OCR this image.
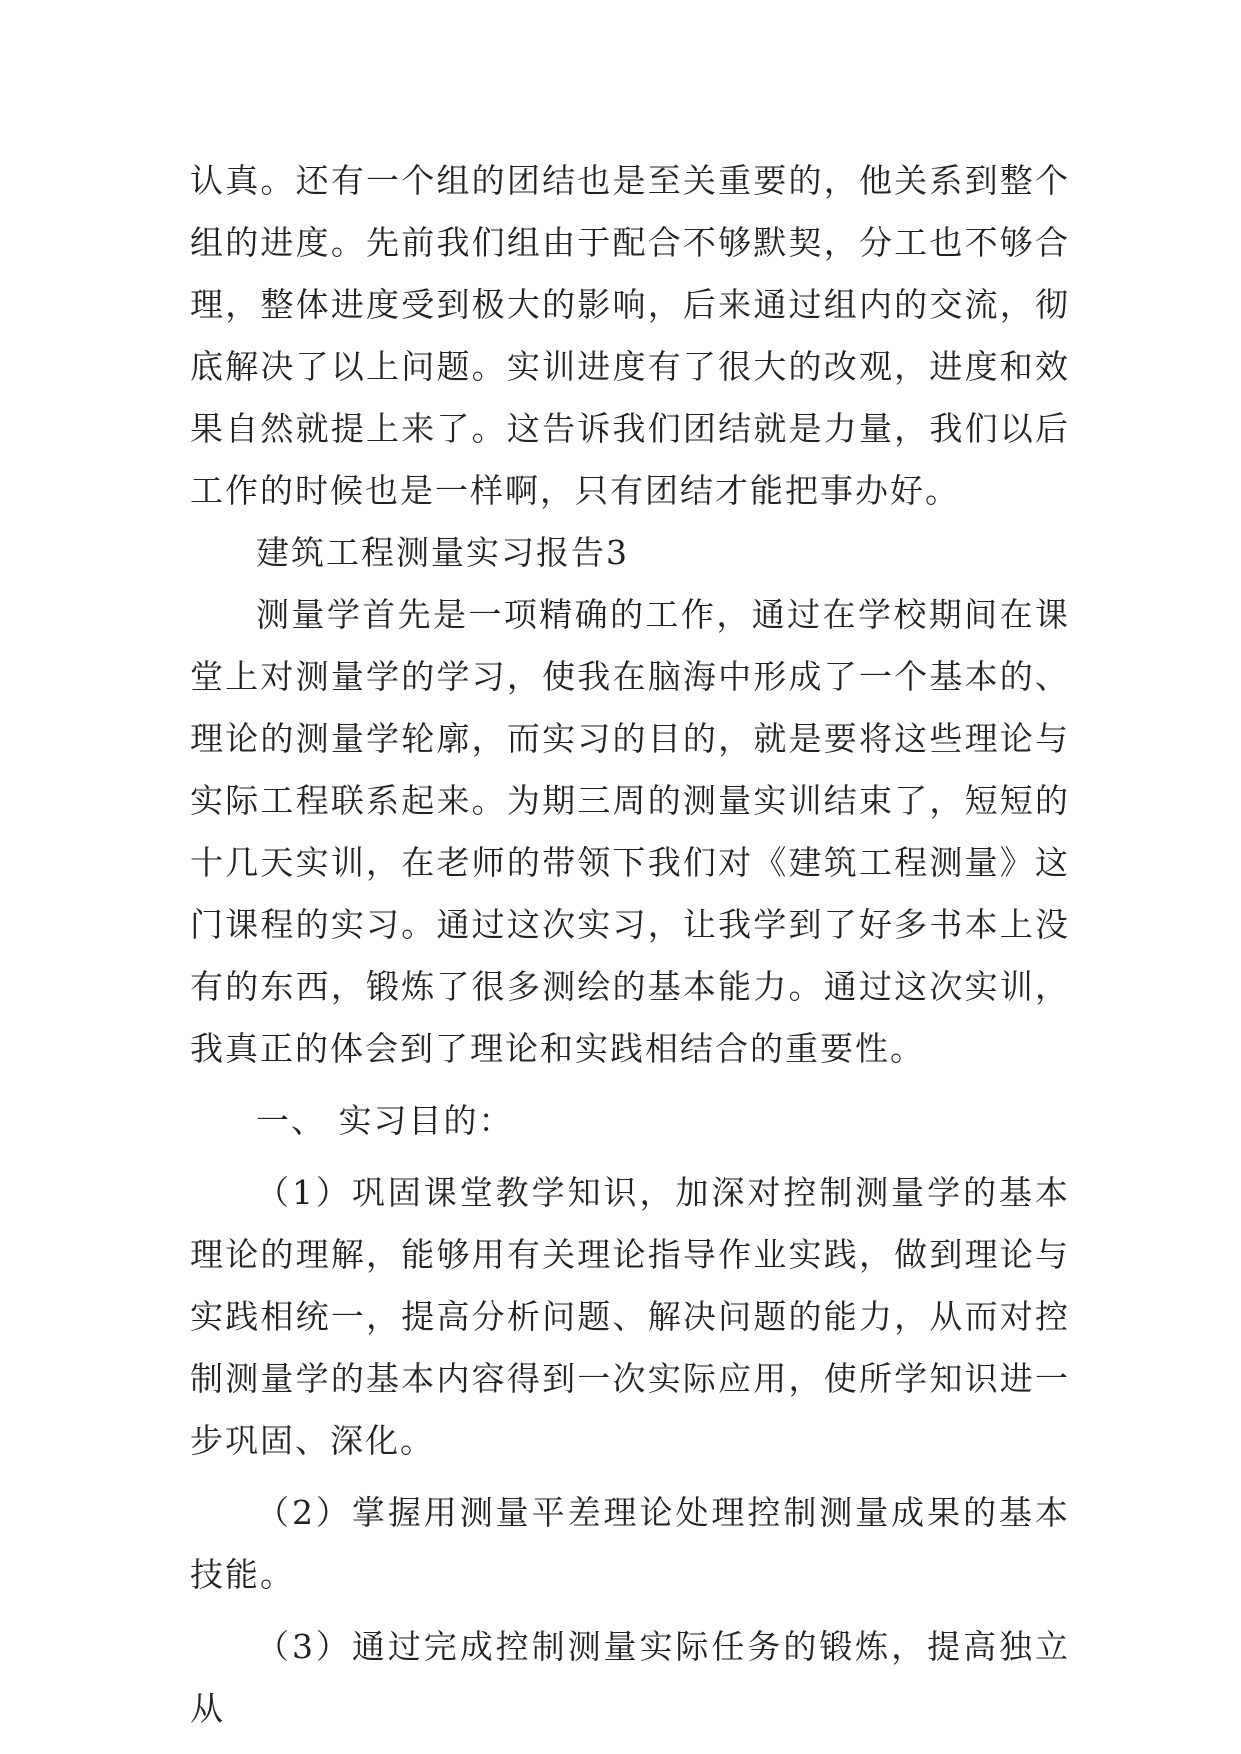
认真。还有一个组的团结也是至关重要的，他关系到整个组的进度。先前我们组由于配合不够默契，分工也不够合理，整体进度受到极大的影响，后来通过组内的交流，彻底解决了以上问题。实训进度有了很大的改观，进度和效果自然就提上来了。这告诉我们团结就是力量，我们以后工作的时候也是一样啊，只有团结才能把事办好。

建筑工程测量实习报告3

测量学首先是一项精确的工作，通过在学校期间在课堂上对测量学的学习，使我在脑海中形成了一个基本的、理论的测量学轮廓，而实习的目的，就是要将这些理论与实际工程联系起来。为期三周的测量实训结束了，短短的十几天实训，在老师的带领下我们对《建筑工程测量》这门课程的实习。通过这次实习，让我学到了好多书本上没有的东西，锻炼了很多测绘的基本能力。通过这次实训，我真正的体会到了理论和实践相结合的重要性。

一、 实习目的：

（1）巩固课堂教学知识，加深对控制测量学的基本理论的理解，能够用有关理论指导作业实践，做到理论与实践相统一，提高分析问题、解决问题的能力，从而对控制测量学的基本内容得到一次实际应用，使所学知识进一步巩固、深化。

（2）掌握用测量平差理论处理控制测量成果的基本技能。

（3）通过完成控制测量实际任务的锻炼，提高独立从
